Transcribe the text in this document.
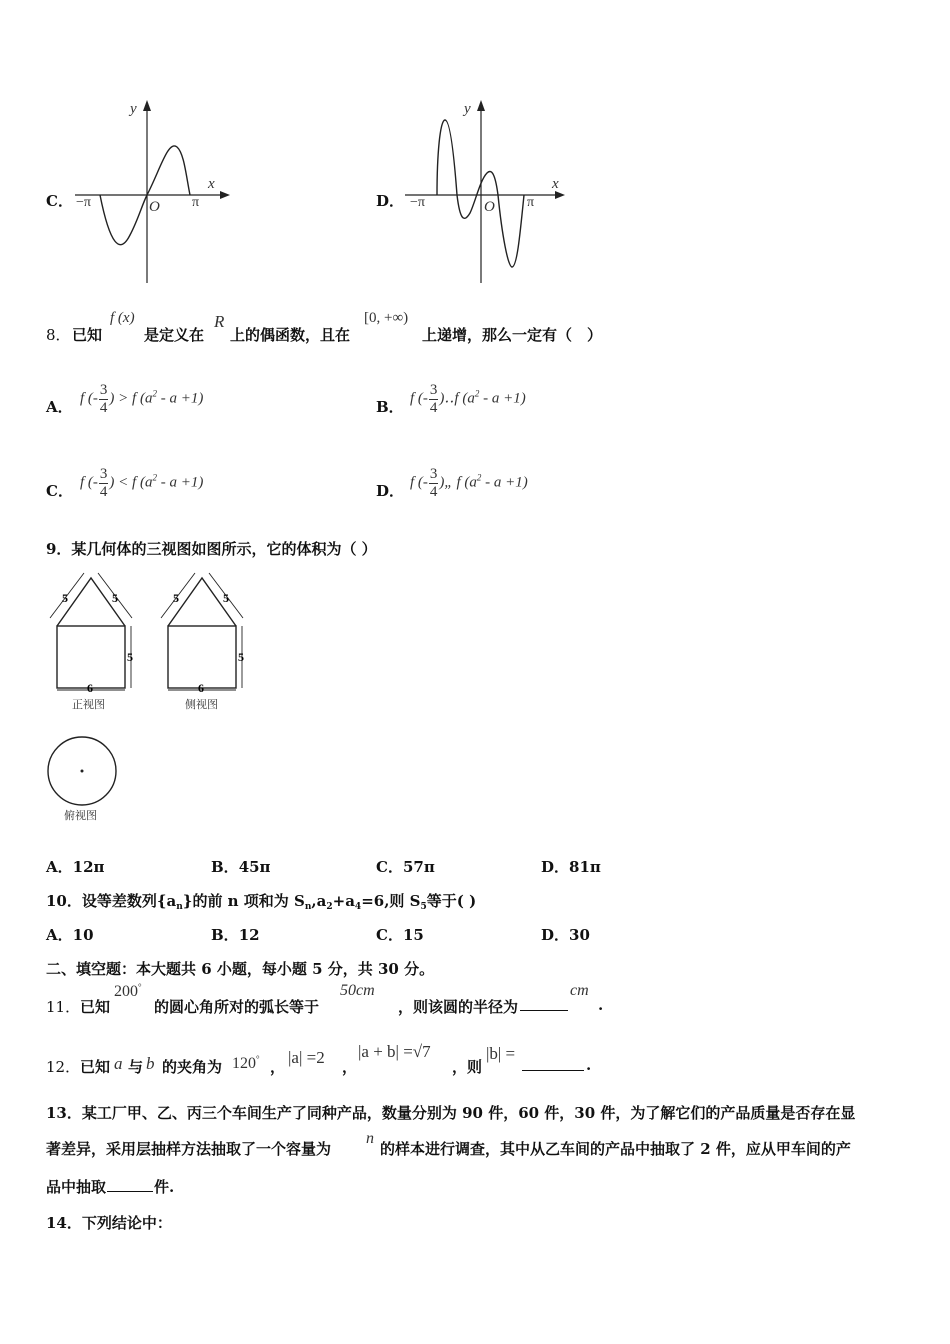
C．
x
y
−π	O π	D．
x
y
−π	O π
8． 已知
f (x)
是定义在
R
上的偶函数，且在
[0, +∞)
上递增，那么一定有（　）
A． f (- $\frac{3}{4}$ ) > f $(a^2 - a +1)$	B． f (- $\frac{3}{4}$ )‥f $(a^2 - a +1)$
C． f (- $\frac{3}{4}$ ) < f $(a^2 - a +1)$	D． f (- $\frac{3}{4}$ )„ f $(a^2 - a +1)$
9．某几何体的三视图如图所示，它的体积为（ ）
5	5
5
6
正视图
5	5
5
6
侧视图
俯视图
A．12π	B．45π	C．57π	D．81π
10．设等差数列$\{a_n\}$的前 n 项和为 $S_n,a_2+a_4=6$,则 $S_5$等于( )
A．10	B．12	C．15	D．30
二、填空题：本大题共 6 小题，每小题 5 分，共 30 分。
11． 已知
200°
的圆心角所对的弧长等于
50cm
，则该圆的半径为
cm
.
12． 已知 a 与 b 的夹角为 120° ， |a| =2 ，
|a + b| =√7
，则
|b| =
.
13．某工厂甲、乙、丙三个车间生产了同种产品，数量分别为 90 件，60 件，30 件，为了解它们的产品质量是否存在显
著差异，采用层抽样方法抽取了一个容量为
n
的样本进行调查，其中从乙车间的产品中抽取了 2 件，应从甲车间的产
品中抽取	件.
14．下列结论中：
